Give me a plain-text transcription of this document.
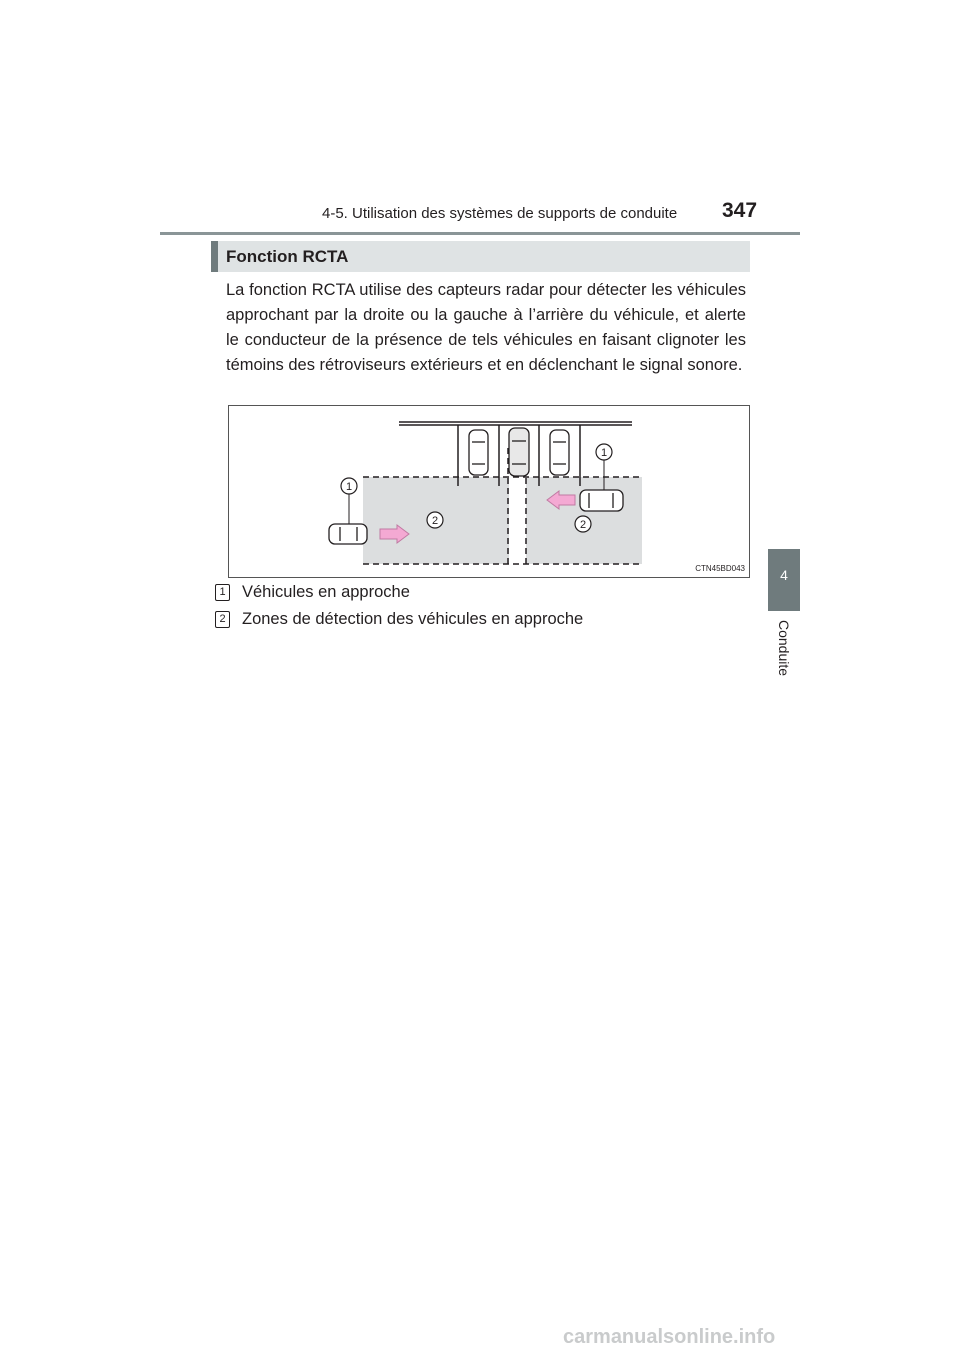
4-5. Utilisation des systèmes de supports de conduite 347
4
Conduite
Fonction RCTA
La fonction RCTA utilise des capteurs radar pour détecter les véhicules approchant par la droite ou la gauche à l’arrière du véhicule, et alerte le conducteur de la présence de tels véhicules en faisant clignoter les témoins des rétroviseurs extérieurs et en déclenchant le signal sonore.
1
1
2	2
CTN45BD043
1 Véhicules en approche
2 Zones de détection des véhicules en approche
carmanualsonline.info
